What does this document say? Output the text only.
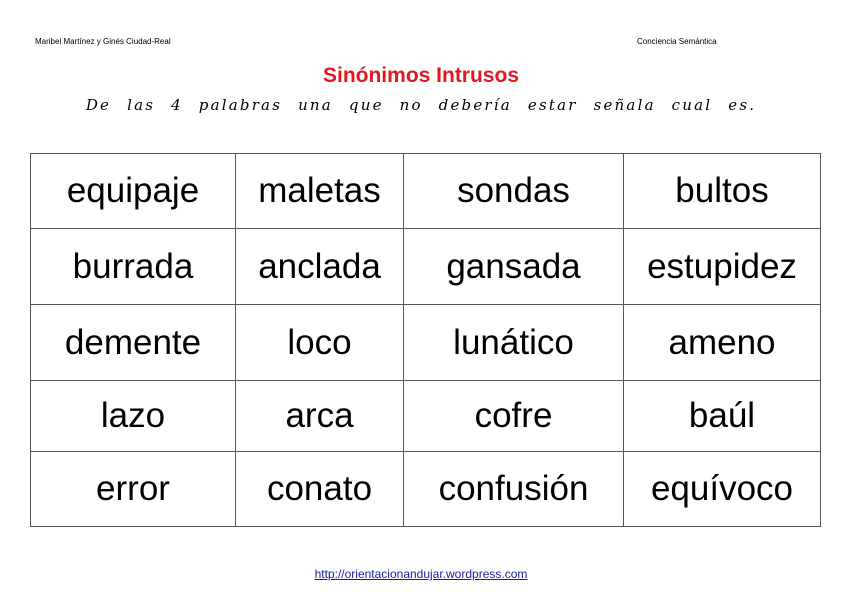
Maribel Martínez y Ginés Ciudad-Real	Conciencia Semántica
Sinónimos Intrusos
De las 4 palabras una que no debería estar señala cual es.
equipaje	maletas	sondas	bultos
burrada	anclada	gansada	estupidez
demente	loco	lunático	ameno
lazo	arca	cofre	baúl
error	conato	confusión	equívoco
http://orientacionandujar.wordpress.com
